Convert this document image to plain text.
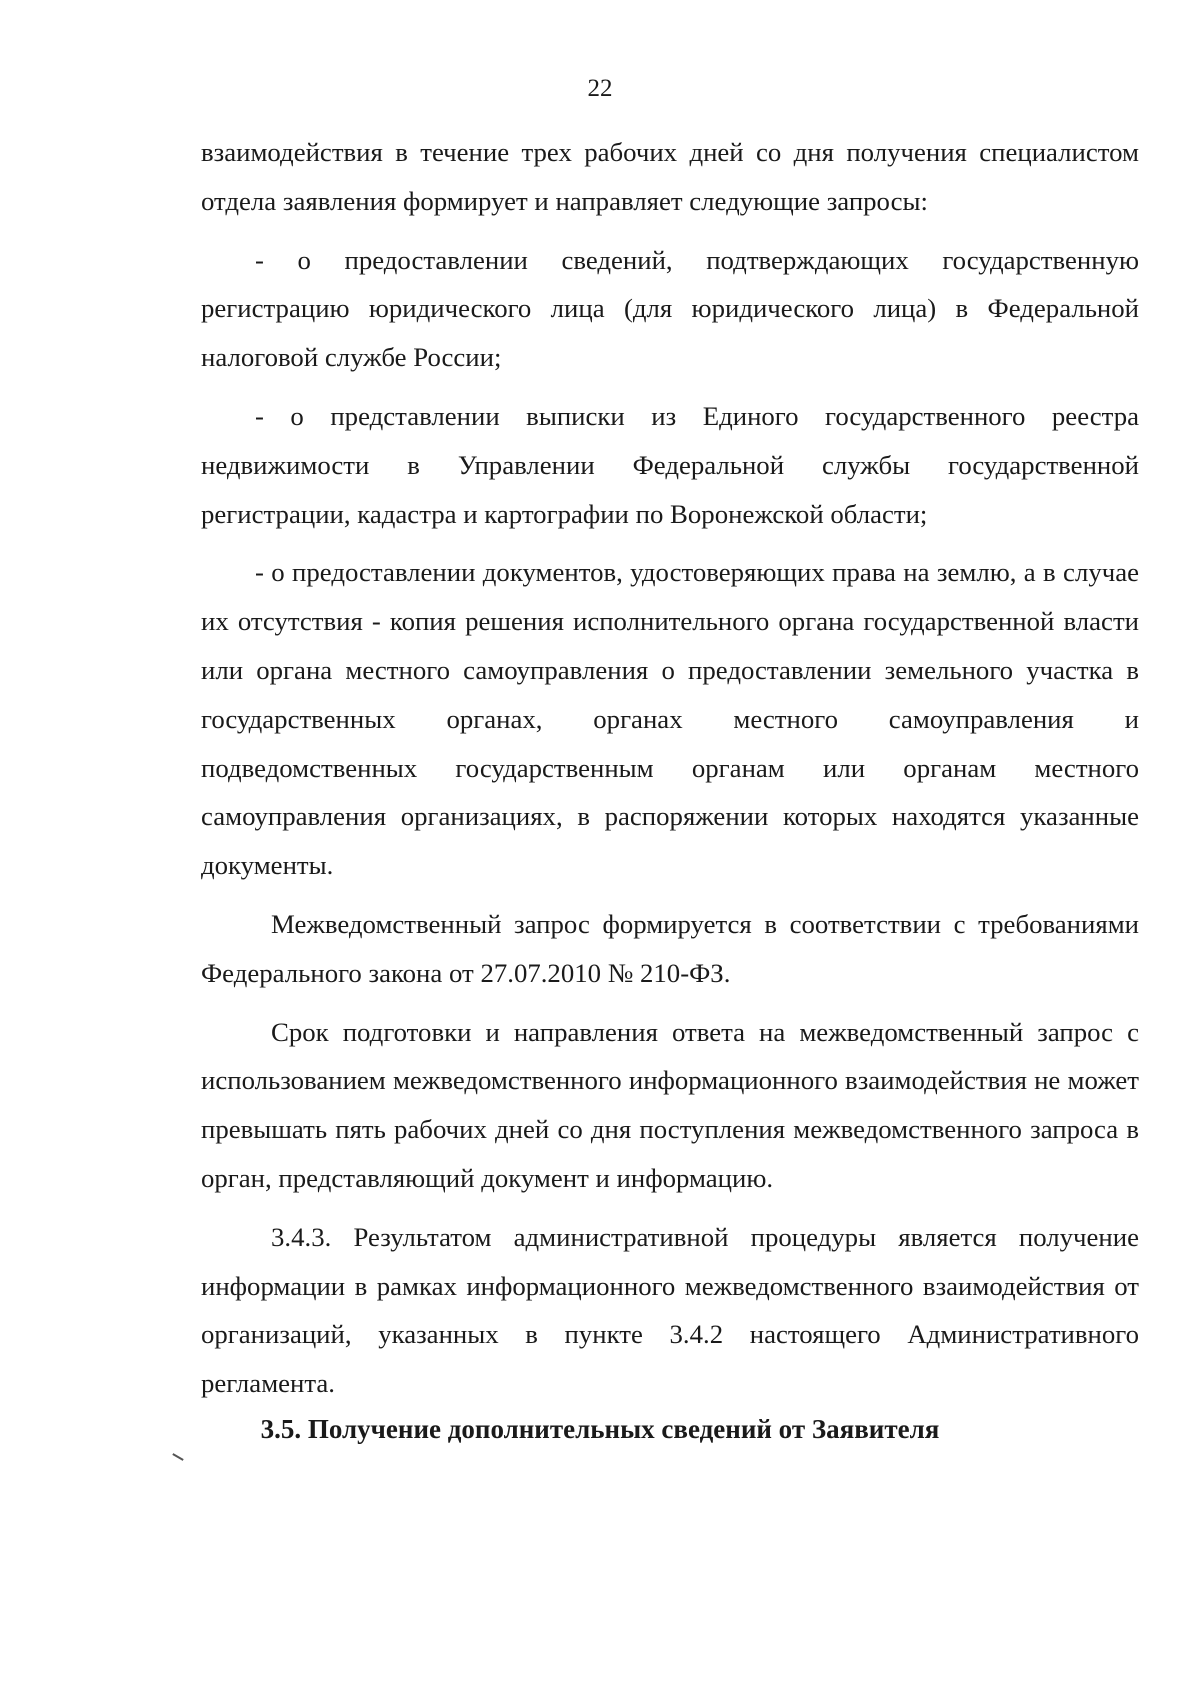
22

взаимодействия в течение трех рабочих дней со дня получения специалистом отдела заявления формирует и направляет следующие запросы:

- о предоставлении сведений, подтверждающих государственную регистрацию юридического лица (для юридического лица) в Федеральной налоговой службе России;

- о представлении выписки из Единого государственного реестра недвижимости в Управлении Федеральной службы государственной регистрации, кадастра и картографии по Воронежской области;

- о предоставлении документов, удостоверяющих права на землю, а в случае их отсутствия - копия решения исполнительного органа государственной власти или органа местного самоуправления о предоставлении земельного участка в государственных органах, органах местного самоуправления и подведомственных государственным органам или органам местного самоуправления организациях, в распоряжении которых находятся указанные документы.

Межведомственный запрос формируется в соответствии с требованиями Федерального закона от 27.07.2010 № 210-ФЗ.

Срок подготовки и направления ответа на межведомственный запрос с использованием межведомственного информационного взаимодействия не может превышать пять рабочих дней со дня поступления межведомственного запроса в орган, представляющий документ и информацию.

3.4.3. Результатом административной процедуры является получение информации в рамках информационного межведомственного взаимодействия от организаций, указанных в пункте 3.4.2 настоящего Административного регламента.

3.5. Получение дополнительных сведений от Заявителя
